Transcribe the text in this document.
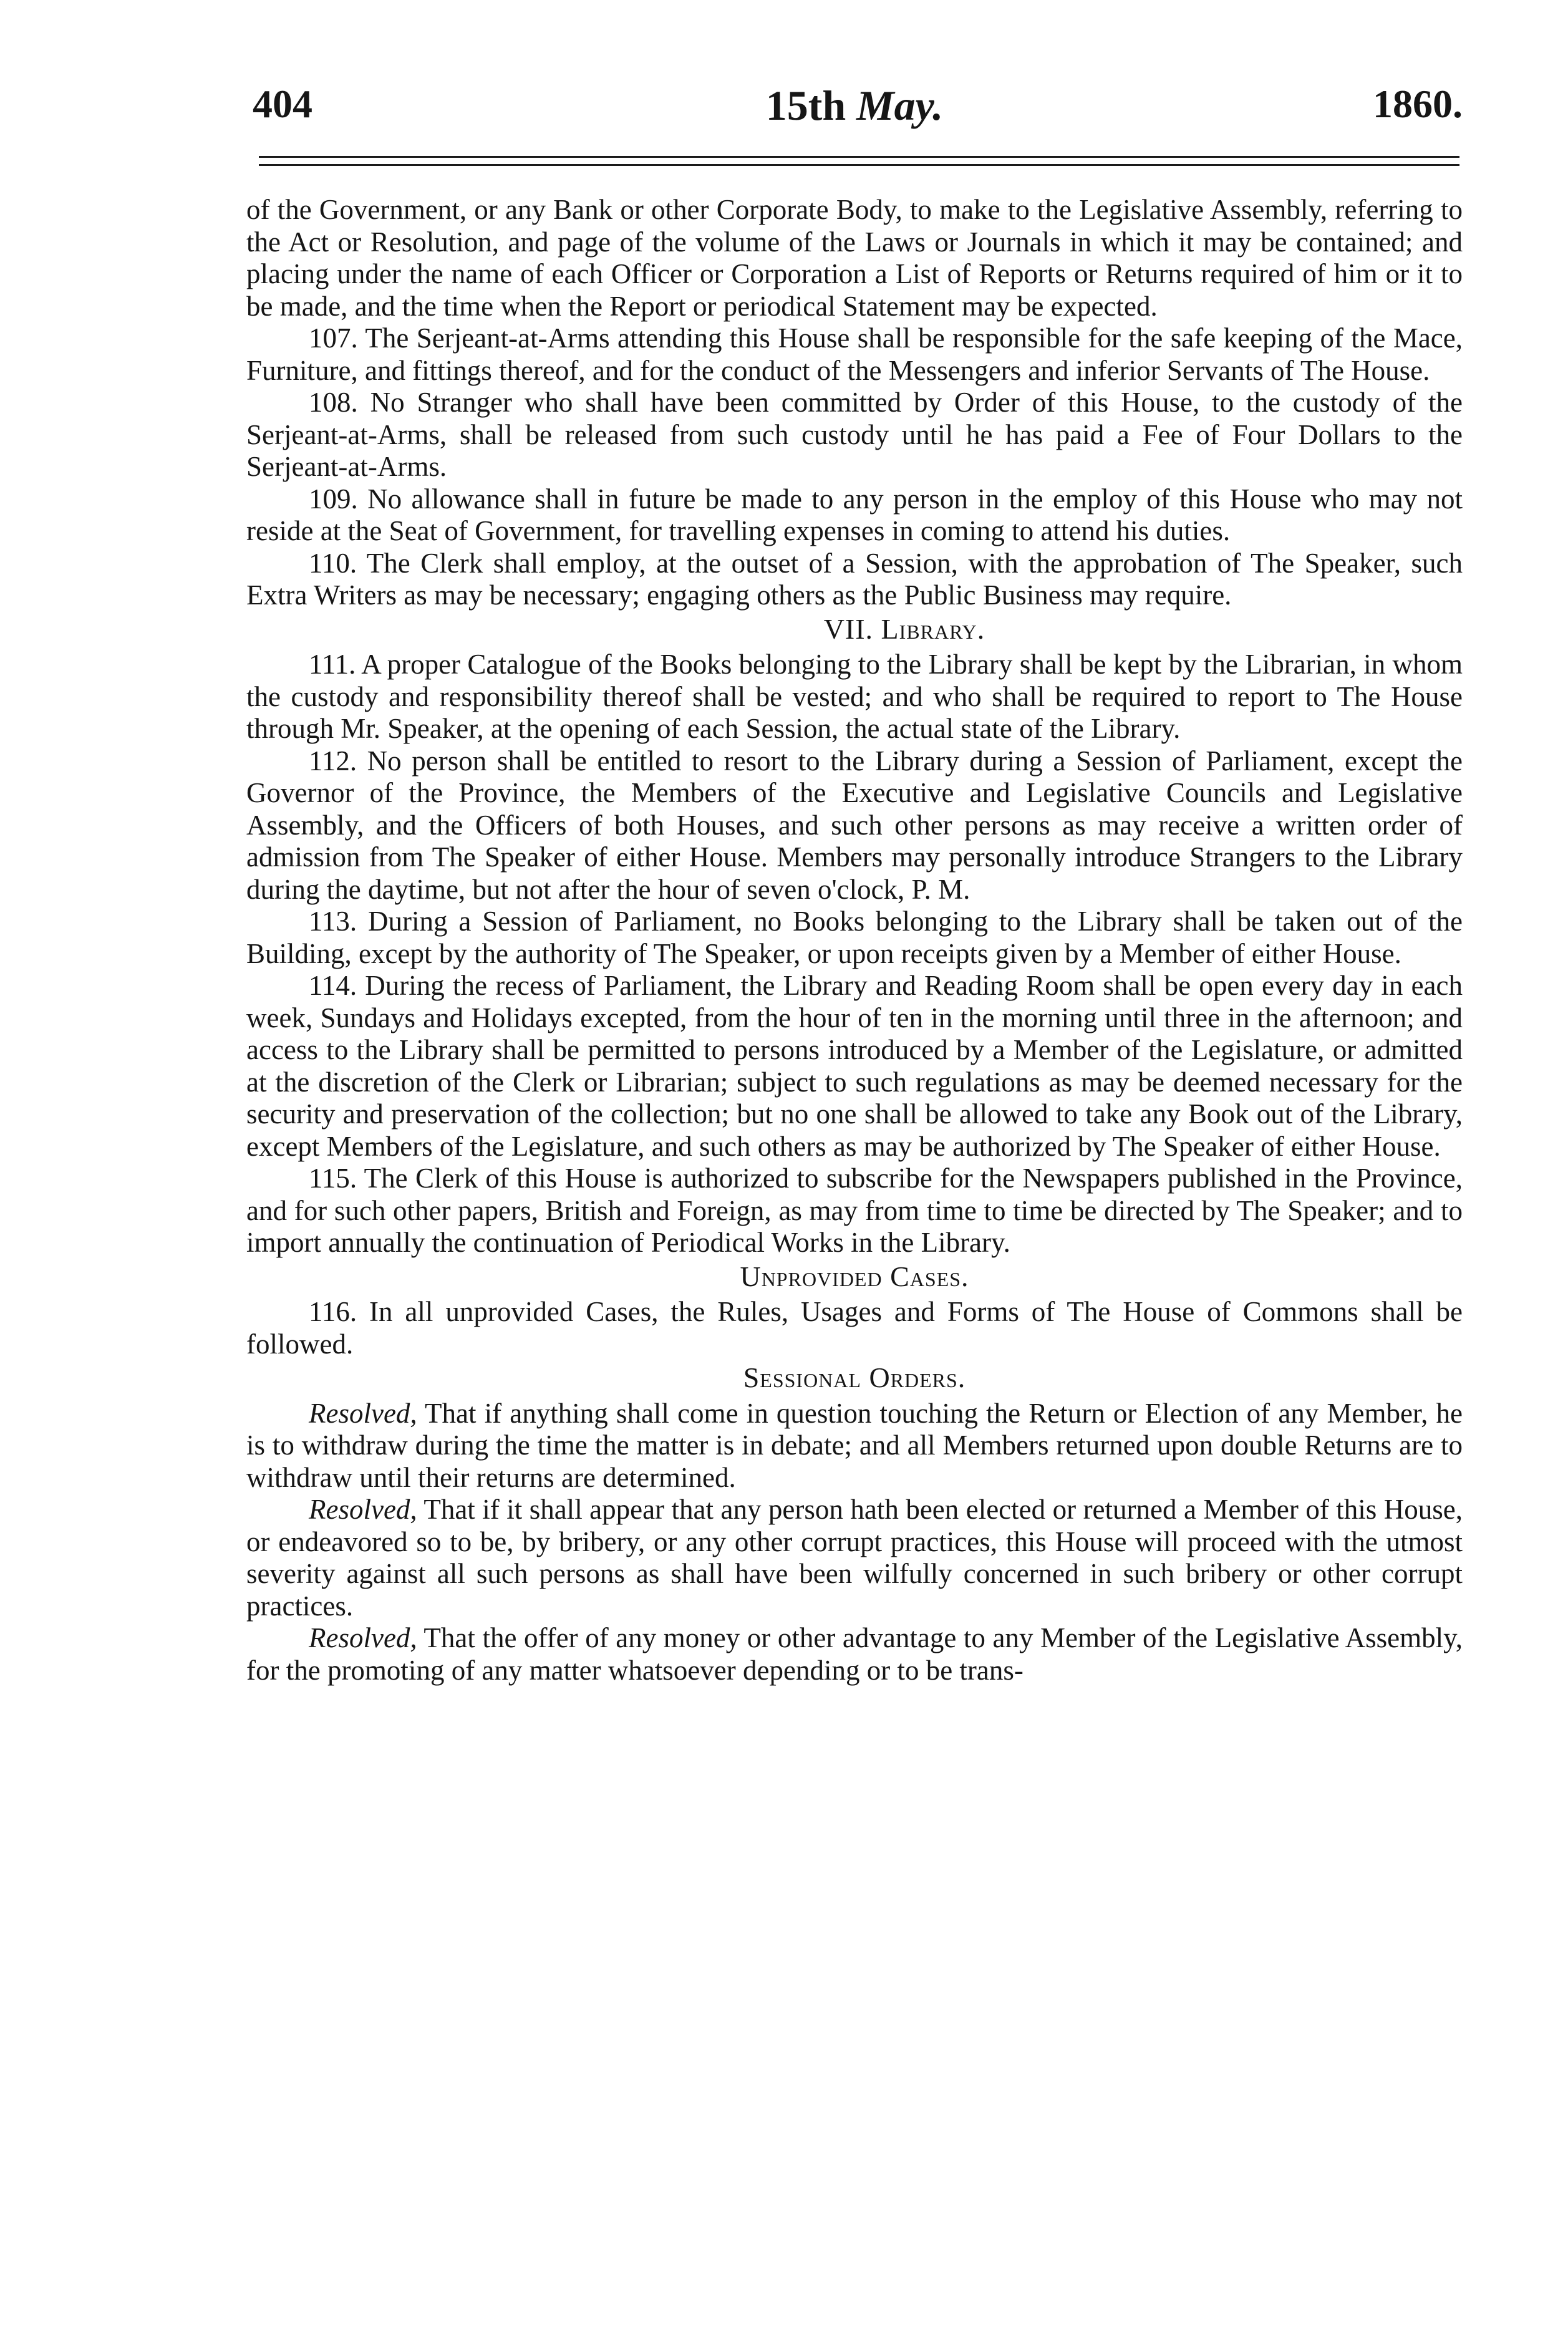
404	15th May.	1860.

of the Government, or any Bank or other Corporate Body, to make to the Legislative Assembly, referring to the Act or Resolution, and page of the volume of the Laws or Journals in which it may be contained; and placing under the name of each Officer or Corporation a List of Reports or Returns required of him or it to be made, and the time when the Report or periodical Statement may be expected.

107. The Serjeant-at-Arms attending this House shall be responsible for the safe keeping of the Mace, Furniture, and fittings thereof, and for the conduct of the Messengers and inferior Servants of The House.

108. No Stranger who shall have been committed by Order of this House, to the custody of the Serjeant-at-Arms, shall be released from such custody until he has paid a Fee of Four Dollars to the Serjeant-at-Arms.

109. No allowance shall in future be made to any person in the employ of this House who may not reside at the Seat of Government, for travelling expenses in coming to attend his duties.

110. The Clerk shall employ, at the outset of a Session, with the approbation of The Speaker, such Extra Writers as may be necessary; engaging others as the Public Business may require.

VII. Library.

111. A proper Catalogue of the Books belonging to the Library shall be kept by the Librarian, in whom the custody and responsibility thereof shall be vested; and who shall be required to report to The House through Mr. Speaker, at the opening of each Session, the actual state of the Library.

112. No person shall be entitled to resort to the Library during a Session of Parliament, except the Governor of the Province, the Members of the Executive and Legislative Councils and Legislative Assembly, and the Officers of both Houses, and such other persons as may receive a written order of admission from The Speaker of either House. Members may personally introduce Strangers to the Library during the daytime, but not after the hour of seven o'clock, P. M.

113. During a Session of Parliament, no Books belonging to the Library shall be taken out of the Building, except by the authority of The Speaker, or upon receipts given by a Member of either House.

114. During the recess of Parliament, the Library and Reading Room shall be open every day in each week, Sundays and Holidays excepted, from the hour of ten in the morning until three in the afternoon; and access to the Library shall be permitted to persons introduced by a Member of the Legislature, or admitted at the discretion of the Clerk or Librarian; subject to such regulations as may be deemed necessary for the security and preservation of the collection; but no one shall be allowed to take any Book out of the Library, except Members of the Legislature, and such others as may be authorized by The Speaker of either House.

115. The Clerk of this House is authorized to subscribe for the Newspapers published in the Province, and for such other papers, British and Foreign, as may from time to time be directed by The Speaker; and to import annually the continuation of Periodical Works in the Library.

Unprovided Cases.

116. In all unprovided Cases, the Rules, Usages and Forms of The House of Commons shall be followed.

Sessional Orders.

Resolved, That if anything shall come in question touching the Return or Election of any Member, he is to withdraw during the time the matter is in debate; and all Members returned upon double Returns are to withdraw until their returns are determined.

Resolved, That if it shall appear that any person hath been elected or returned a Member of this House, or endeavored so to be, by bribery, or any other corrupt practices, this House will proceed with the utmost severity against all such persons as shall have been wilfully concerned in such bribery or other corrupt practices.

Resolved, That the offer of any money or other advantage to any Member of the Legislative Assembly, for the promoting of any matter whatsoever depending or to be trans-
